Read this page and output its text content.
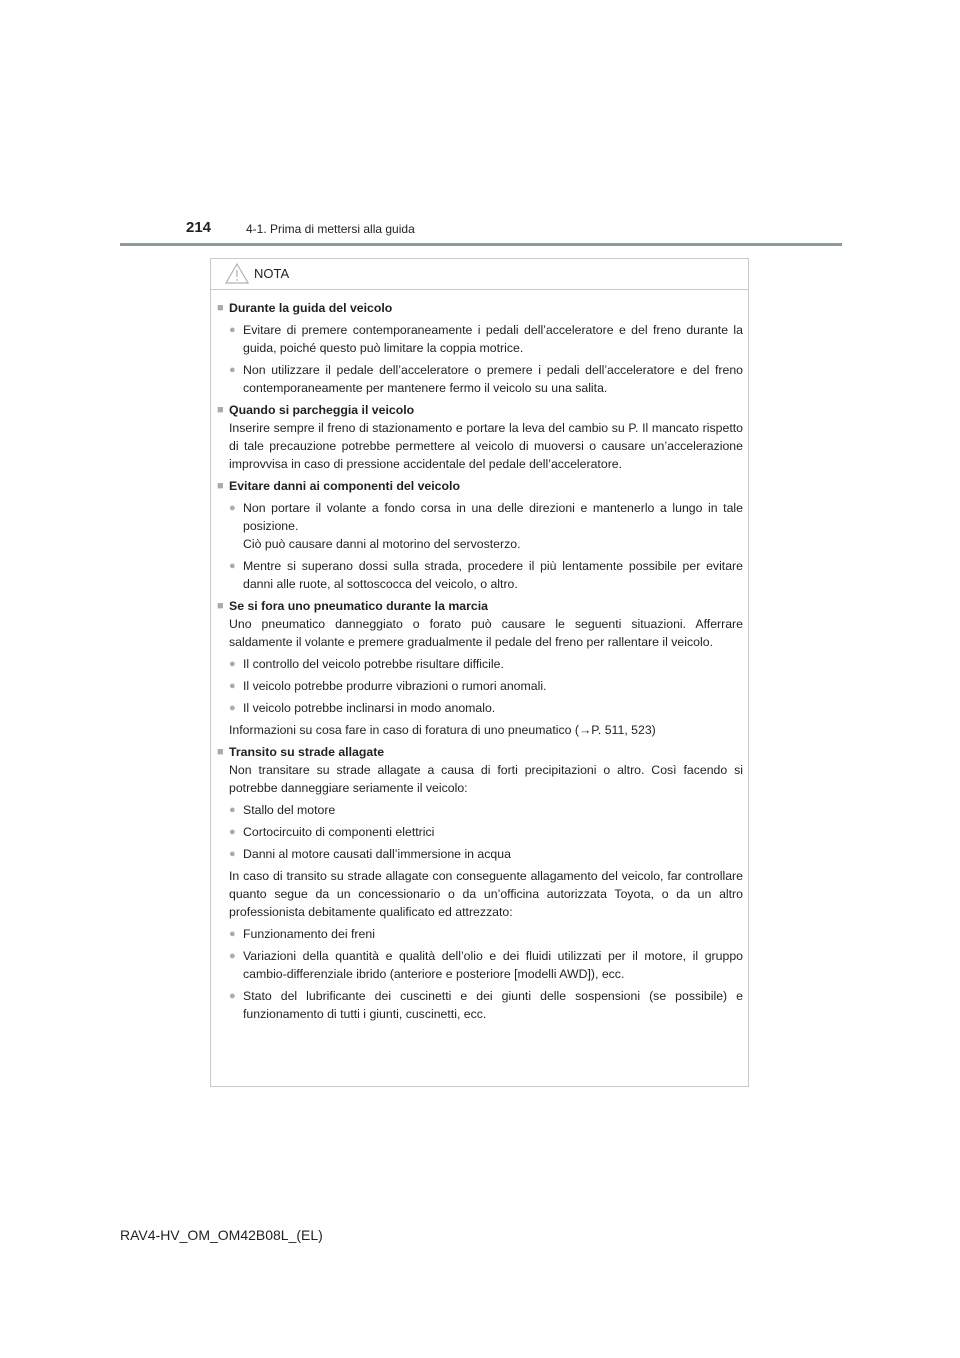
214	4-1. Prima di mettersi alla guida
NOTA
■ Durante la guida del veicolo
● Evitare di premere contemporaneamente i pedali dell’acceleratore e del freno durante la guida, poiché questo può limitare la coppia motrice.
● Non utilizzare il pedale dell’acceleratore o premere i pedali dell’acceleratore e del freno contemporaneamente per mantenere fermo il veicolo su una salita.
■ Quando si parcheggia il veicolo
Inserire sempre il freno di stazionamento e portare la leva del cambio su P. Il mancato rispetto di tale precauzione potrebbe permettere al veicolo di muoversi o causare un’accelerazione improvvisa in caso di pressione accidentale del pedale dell’acceleratore.
■ Evitare danni ai componenti del veicolo
● Non portare il volante a fondo corsa in una delle direzioni e mantenerlo a lungo in tale posizione.
Ciò può causare danni al motorino del servosterzo.
● Mentre si superano dossi sulla strada, procedere il più lentamente possibile per evitare danni alle ruote, al sottoscocca del veicolo, o altro.
■ Se si fora uno pneumatico durante la marcia
Uno pneumatico danneggiato o forato può causare le seguenti situazioni. Afferrare saldamente il volante e premere gradualmente il pedale del freno per rallentare il veicolo.
● Il controllo del veicolo potrebbe risultare difficile.
● Il veicolo potrebbe produrre vibrazioni o rumori anomali.
● Il veicolo potrebbe inclinarsi in modo anomalo.
Informazioni su cosa fare in caso di foratura di uno pneumatico (→P. 511, 523)
■ Transito su strade allagate
Non transitare su strade allagate a causa di forti precipitazioni o altro. Così facendo si potrebbe danneggiare seriamente il veicolo:
● Stallo del motore
● Cortocircuito di componenti elettrici
● Danni al motore causati dall’immersione in acqua
In caso di transito su strade allagate con conseguente allagamento del veicolo, far controllare quanto segue da un concessionario o da un’officina autorizzata Toyota, o da un altro professionista debitamente qualificato ed attrezzato:
● Funzionamento dei freni
● Variazioni della quantità e qualità dell’olio e dei fluidi utilizzati per il motore, il gruppo cambio-differenziale ibrido (anteriore e posteriore [modelli AWD]), ecc.
● Stato del lubrificante dei cuscinetti e dei giunti delle sospensioni (se possibile) e funzionamento di tutti i giunti, cuscinetti, ecc.
RAV4-HV_OM_OM42B08L_(EL)
